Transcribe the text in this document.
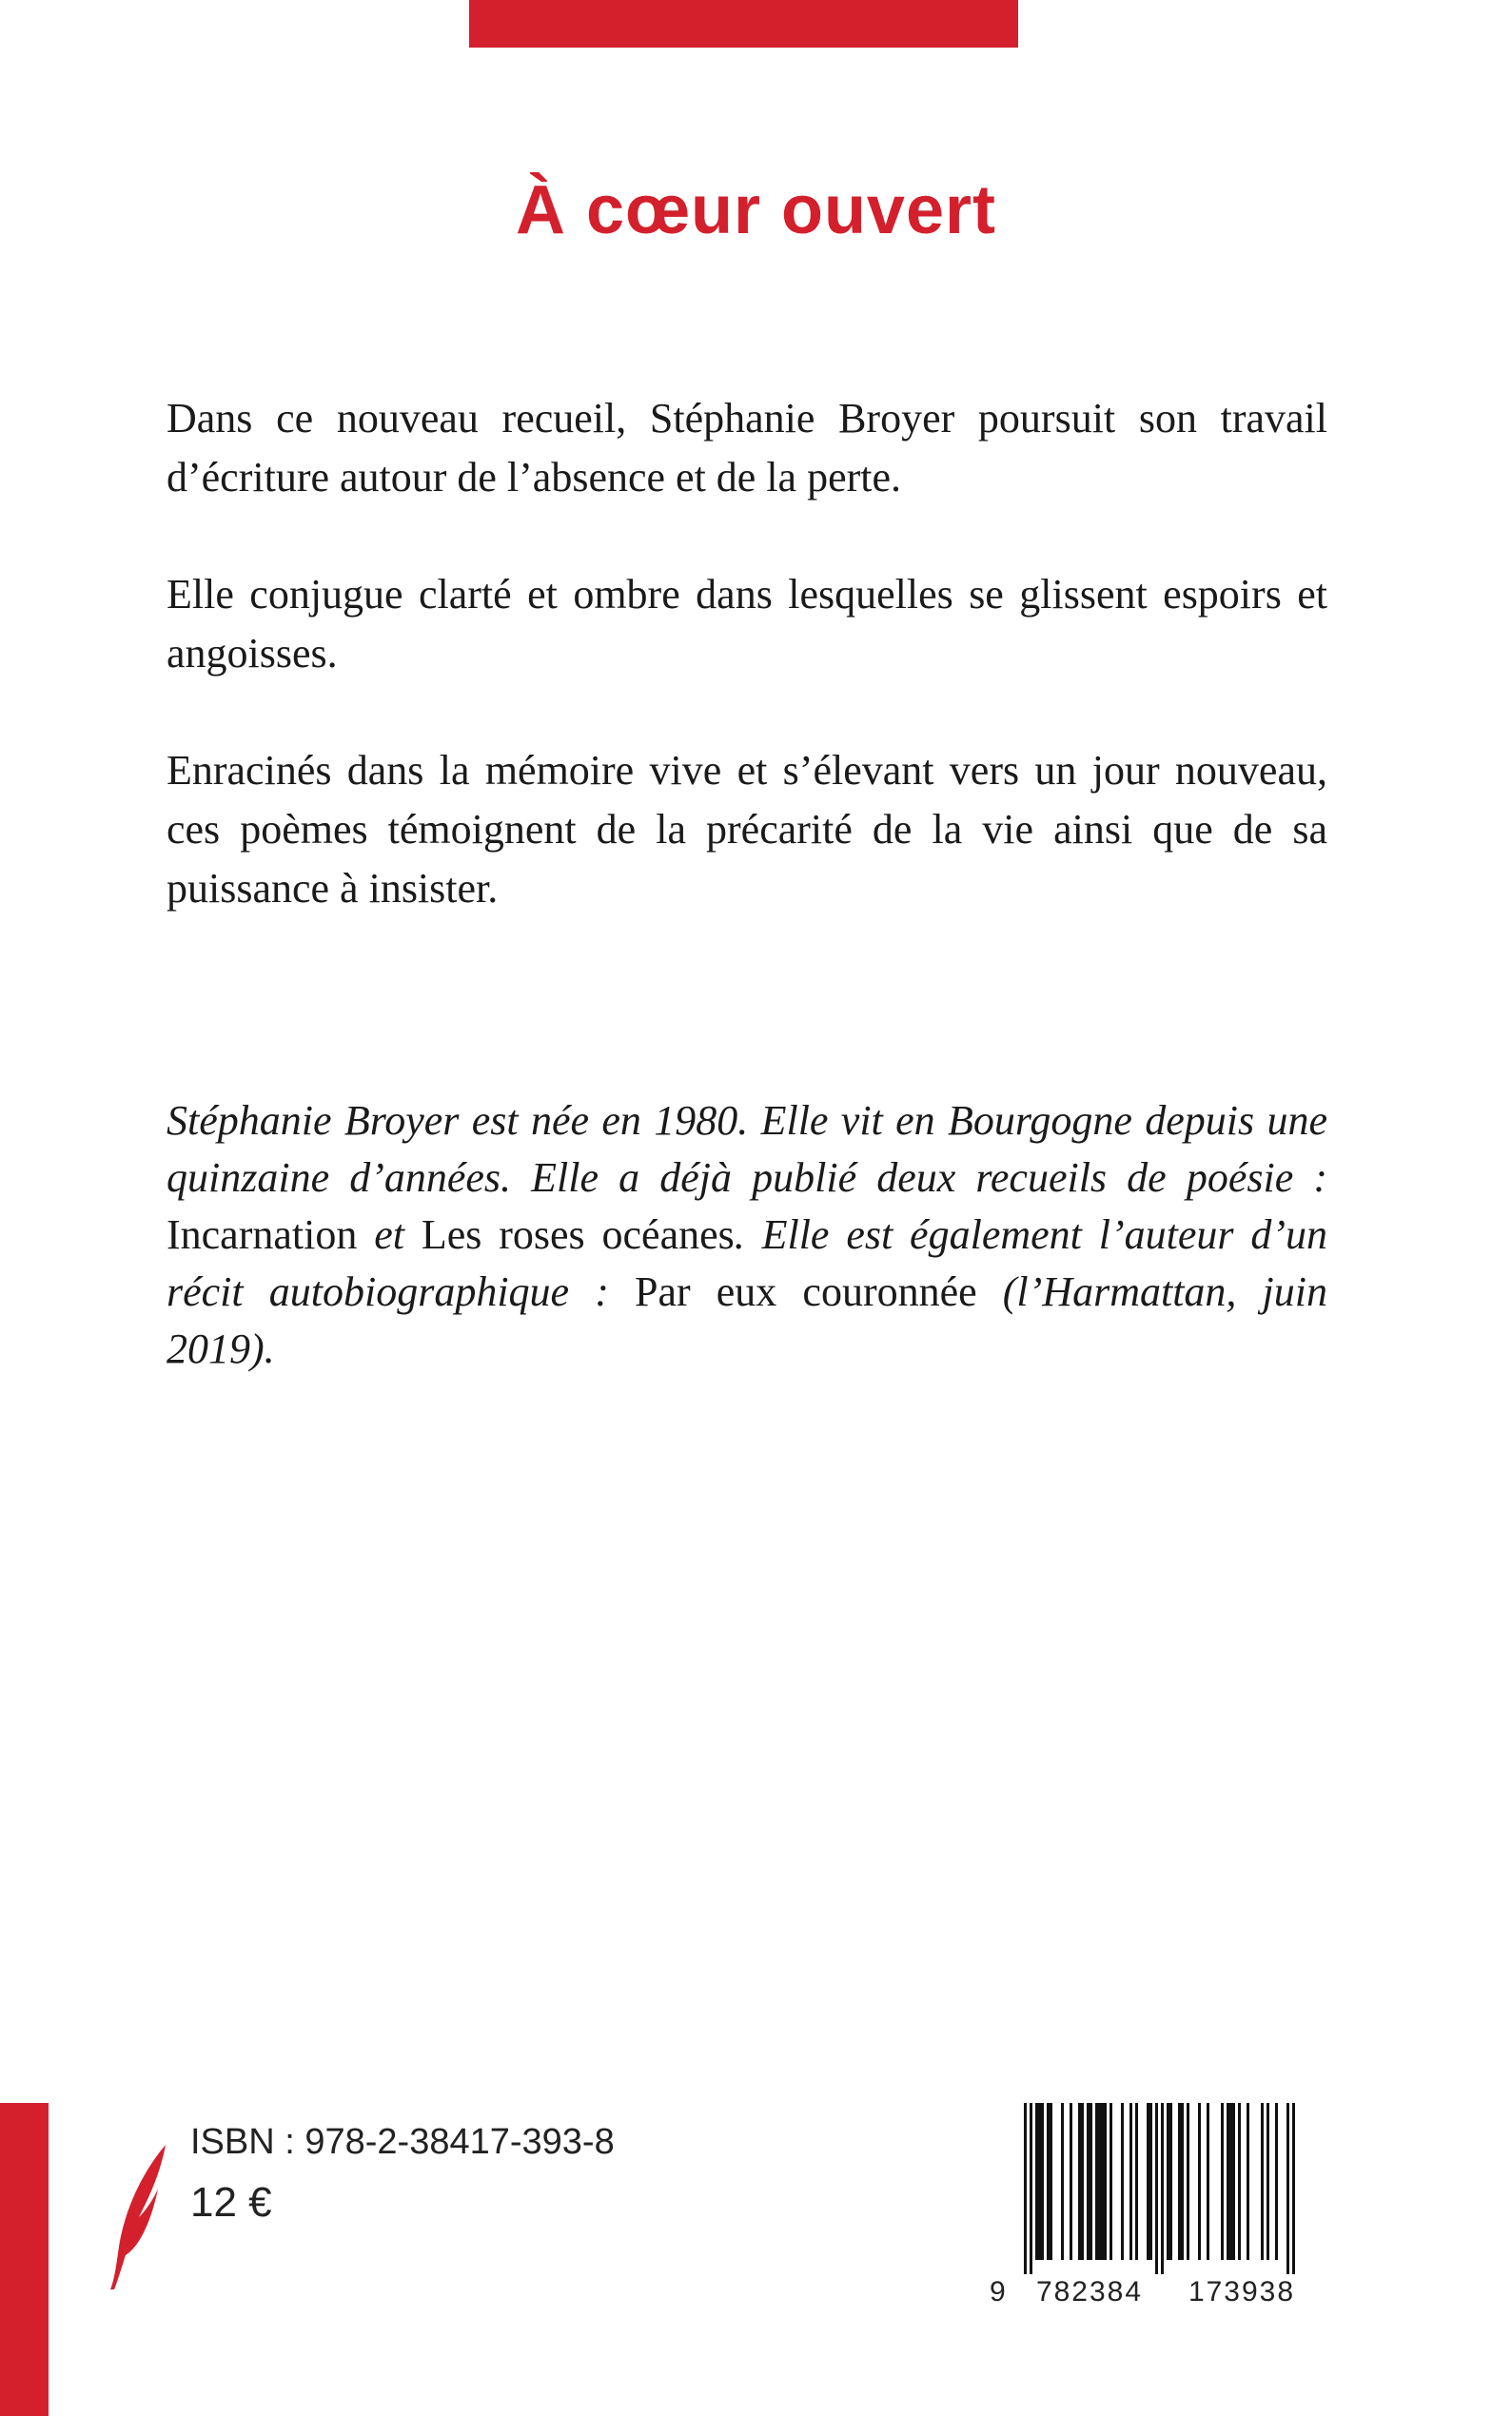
À cœur ouvert

Dans ce nouveau recueil, Stéphanie Broyer poursuit son travail d’écriture autour de l’absence et de la perte.

Elle conjugue clarté et ombre dans lesquelles se glissent espoirs et angoisses.

Enracinés dans la mémoire vive et s’élevant vers un jour nouveau, ces poèmes témoignent de la précarité de la vie ainsi que de sa puissance à insister.

Stéphanie Broyer est née en 1980. Elle vit en Bourgogne depuis une quinzaine d’années. Elle a déjà publié deux recueils de poésie : Incarnation et Les roses océanes. Elle est également l’auteur d’un récit autobiographique : Par eux couronnée (l’Harmattan, juin 2019).

ISBN : 978-2-38417-393-8

12 €

9	782384	173938
